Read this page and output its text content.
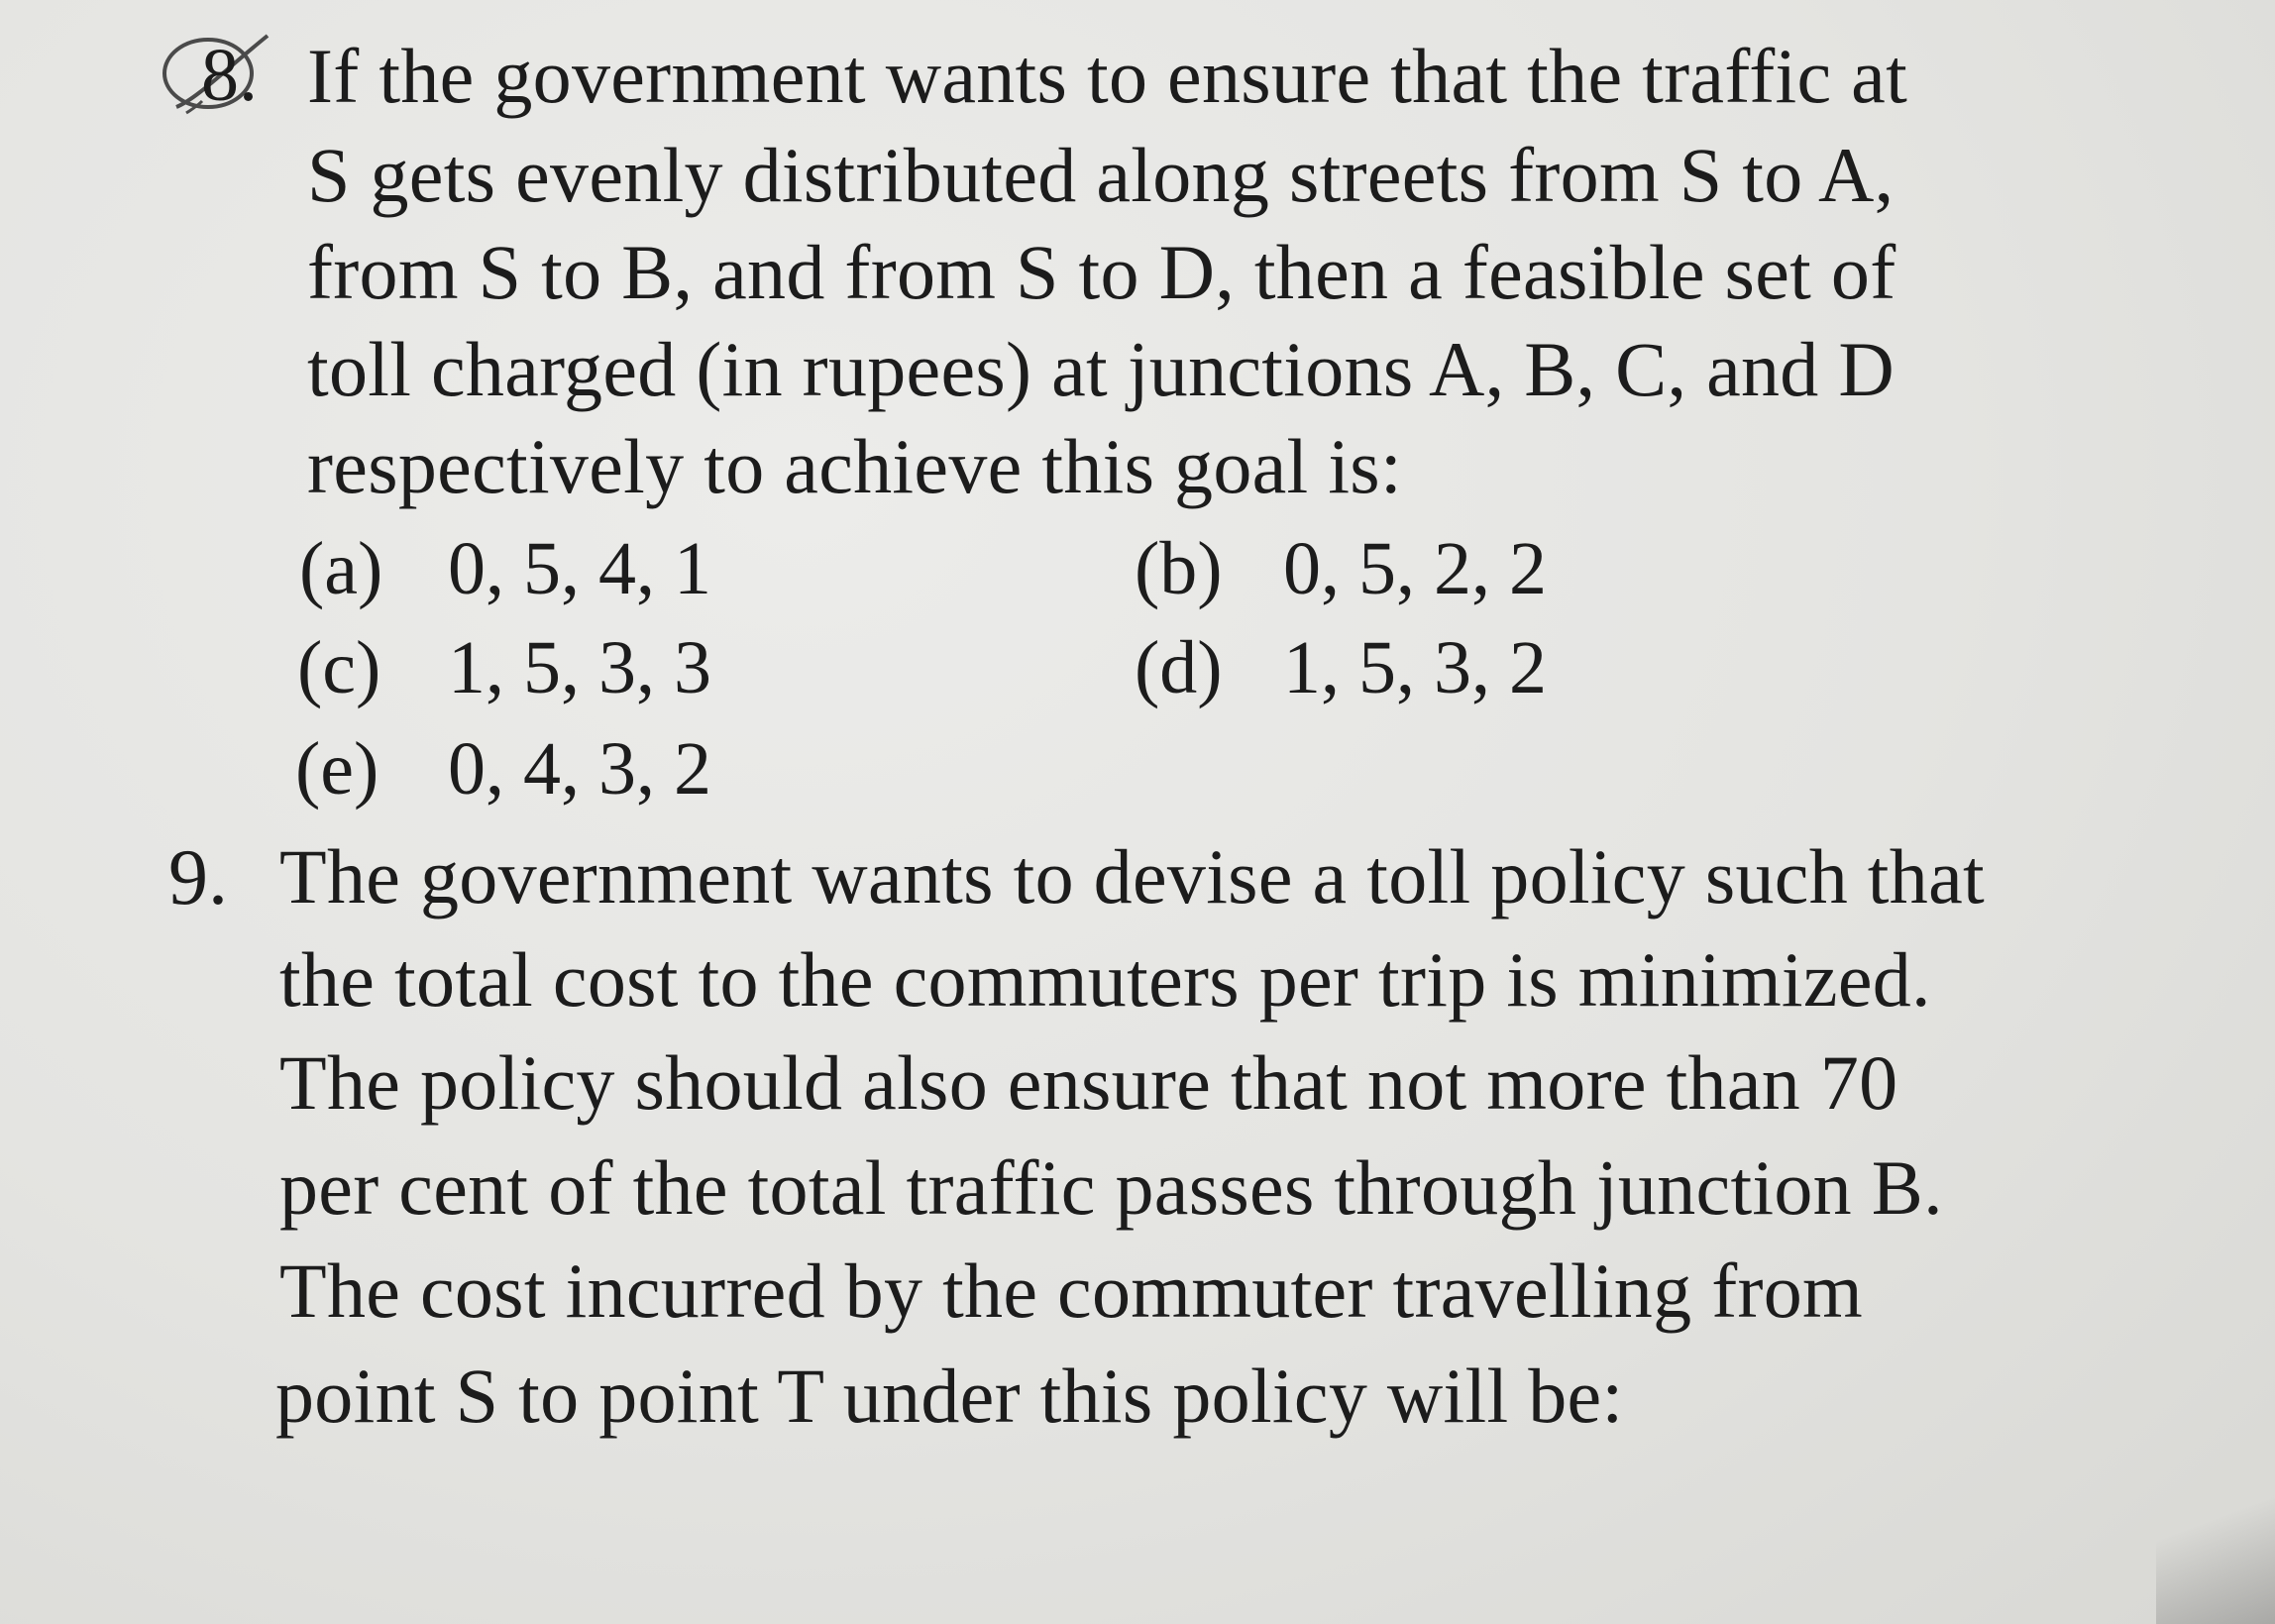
8. If the government wants to ensure that the traffic at
S gets evenly distributed along streets from S to A,
from S to B, and from S to D, then a feasible set of
toll charged (in rupees) at junctions A, B, C, and D
respectively to achieve this goal is:
(a) 0, 5, 4, 1	(b) 0, 5, 2, 2
(c) 1, 5, 3, 3	(d) 1, 5, 3, 2
(e) 0, 4, 3, 2
9. The government wants to devise a toll policy such that
the total cost to the commuters per trip is minimized.
The policy should also ensure that not more than 70
per cent of the total traffic passes through junction B.
The cost incurred by the commuter travelling from
point S to point T under this policy will be:
